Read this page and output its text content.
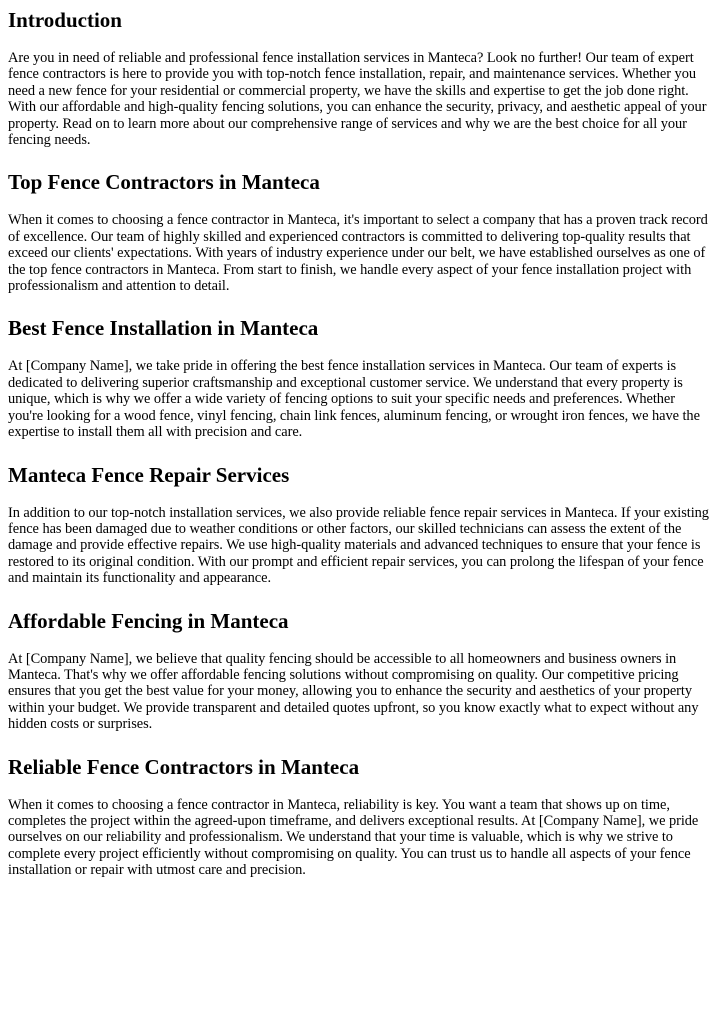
Introduction

Are you in need of reliable and professional fence installation services in Manteca? Look no further! Our team of expert fence contractors is here to provide you with top-notch fence installation, repair, and maintenance services. Whether you need a new fence for your residential or commercial property, we have the skills and expertise to get the job done right. With our affordable and high-quality fencing solutions, you can enhance the security, privacy, and aesthetic appeal of your property. Read on to learn more about our comprehensive range of services and why we are the best choice for all your fencing needs.

Top Fence Contractors in Manteca

When it comes to choosing a fence contractor in Manteca, it's important to select a company that has a proven track record of excellence. Our team of highly skilled and experienced contractors is committed to delivering top-quality results that exceed our clients' expectations. With years of industry experience under our belt, we have established ourselves as one of the top fence contractors in Manteca. From start to finish, we handle every aspect of your fence installation project with professionalism and attention to detail.

Best Fence Installation in Manteca

At [Company Name], we take pride in offering the best fence installation services in Manteca. Our team of experts is dedicated to delivering superior craftsmanship and exceptional customer service. We understand that every property is unique, which is why we offer a wide variety of fencing options to suit your specific needs and preferences. Whether you're looking for a wood fence, vinyl fencing, chain link fences, aluminum fencing, or wrought iron fences, we have the expertise to install them all with precision and care.

Manteca Fence Repair Services

In addition to our top-notch installation services, we also provide reliable fence repair services in Manteca. If your existing fence has been damaged due to weather conditions or other factors, our skilled technicians can assess the extent of the damage and provide effective repairs. We use high-quality materials and advanced techniques to ensure that your fence is restored to its original condition. With our prompt and efficient repair services, you can prolong the lifespan of your fence and maintain its functionality and appearance.

Affordable Fencing in Manteca

At [Company Name], we believe that quality fencing should be accessible to all homeowners and business owners in Manteca. That's why we offer affordable fencing solutions without compromising on quality. Our competitive pricing ensures that you get the best value for your money, allowing you to enhance the security and aesthetics of your property within your budget. We provide transparent and detailed quotes upfront, so you know exactly what to expect without any hidden costs or surprises.

Reliable Fence Contractors in Manteca

When it comes to choosing a fence contractor in Manteca, reliability is key. You want a team that shows up on time, completes the project within the agreed-upon timeframe, and delivers exceptional results. At [Company Name], we pride ourselves on our reliability and professionalism. We understand that your time is valuable, which is why we strive to complete every project efficiently without compromising on quality. You can trust us to handle all aspects of your fence installation or repair with utmost care and precision.
